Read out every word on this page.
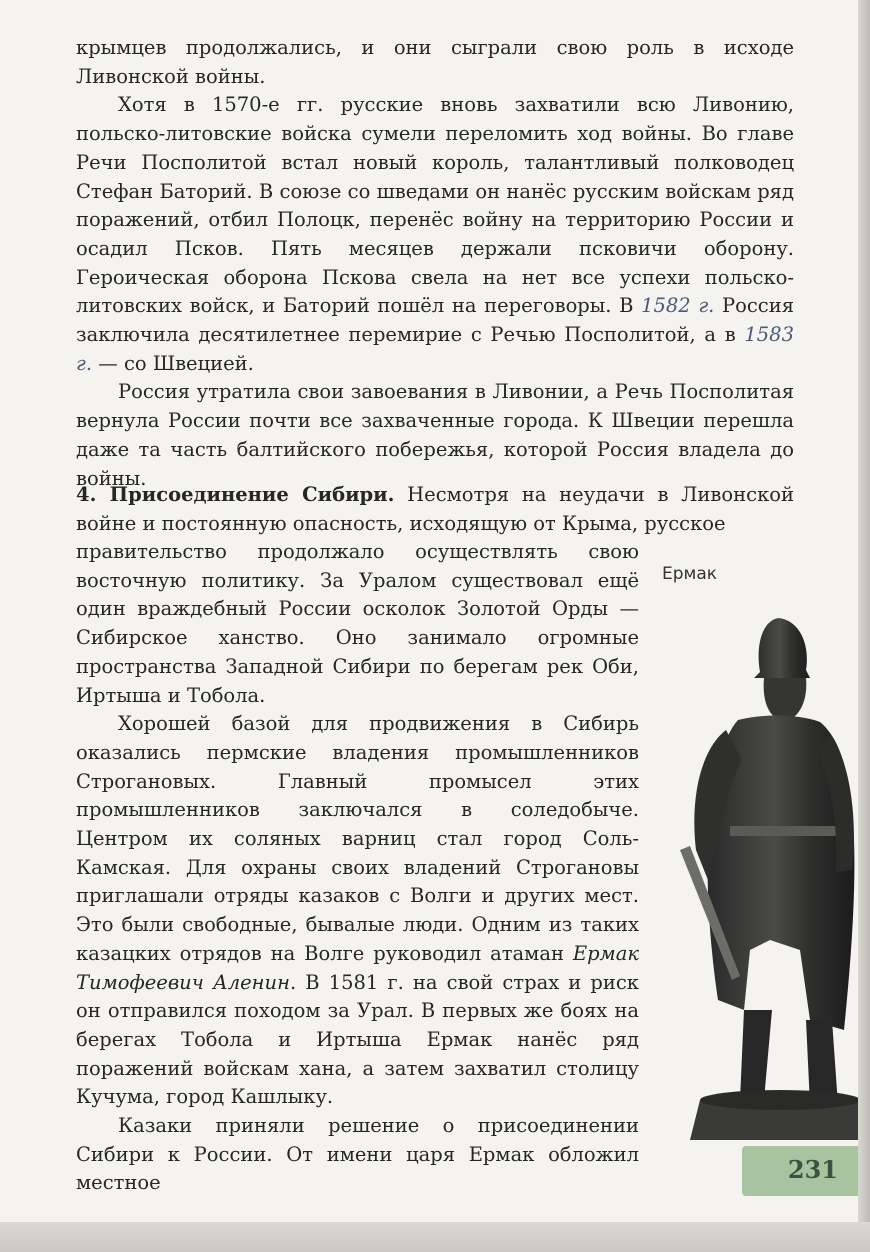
крымцев продолжались, и они сыграли свою роль в исходе Ливонской войны.

Хотя в 1570-е гг. русские вновь захватили всю Ливонию, польско-литовские войска сумели переломить ход войны. Во главе Речи Посполитой встал новый король, талантливый полководец Стефан Баторий. В союзе со шведами он нанёс русским войскам ряд поражений, отбил Полоцк, перенёс войну на территорию России и осадил Псков. Пять месяцев держали псковичи оборону. Героическая оборона Пскова свела на нет все успехи польско-литовских войск, и Баторий пошёл на переговоры. В 1582 г. Россия заключила десятилетнее перемирие с Речью Посполитой, а в 1583 г. — со Швецией.

Россия утратила свои завоевания в Ливонии, а Речь Посполитая вернула России почти все захваченные города. К Швеции перешла даже та часть балтийского побережья, которой Россия владела до войны.

4. Присоединение Сибири. Несмотря на неудачи в Ливонской войне и постоянную опасность, исходящую от Крыма, русское

правительство продолжало осуществлять свою восточную политику. За Уралом существовал ещё один враждебный России осколок Золотой Орды — Сибирское ханство. Оно занимало огромные пространства Западной Сибири по берегам рек Оби, Иртыша и Тобола.

Хорошей базой для продвижения в Сибирь оказались пермские владения промышленников Строгановых. Главный промысел этих промышленников заключался в соледобыче. Центром их соляных варниц стал город Соль-Камская. Для охраны своих владений Строгановы приглашали отряды казаков с Волги и других мест. Это были свободные, бывалые люди. Одним из таких казацких отрядов на Волге руководил атаман Ермак Тимофеевич Аленин. В 1581 г. на свой страх и риск он отправился походом за Урал. В первых же боях на берегах Тобола и Иртыша Ермак нанёс ряд поражений войскам хана, а затем захватил столицу Кучума, город Кашлыку.

Казаки приняли решение о присоединении Сибири к России. От имени царя Ермак обложил местное

Ермак
231
